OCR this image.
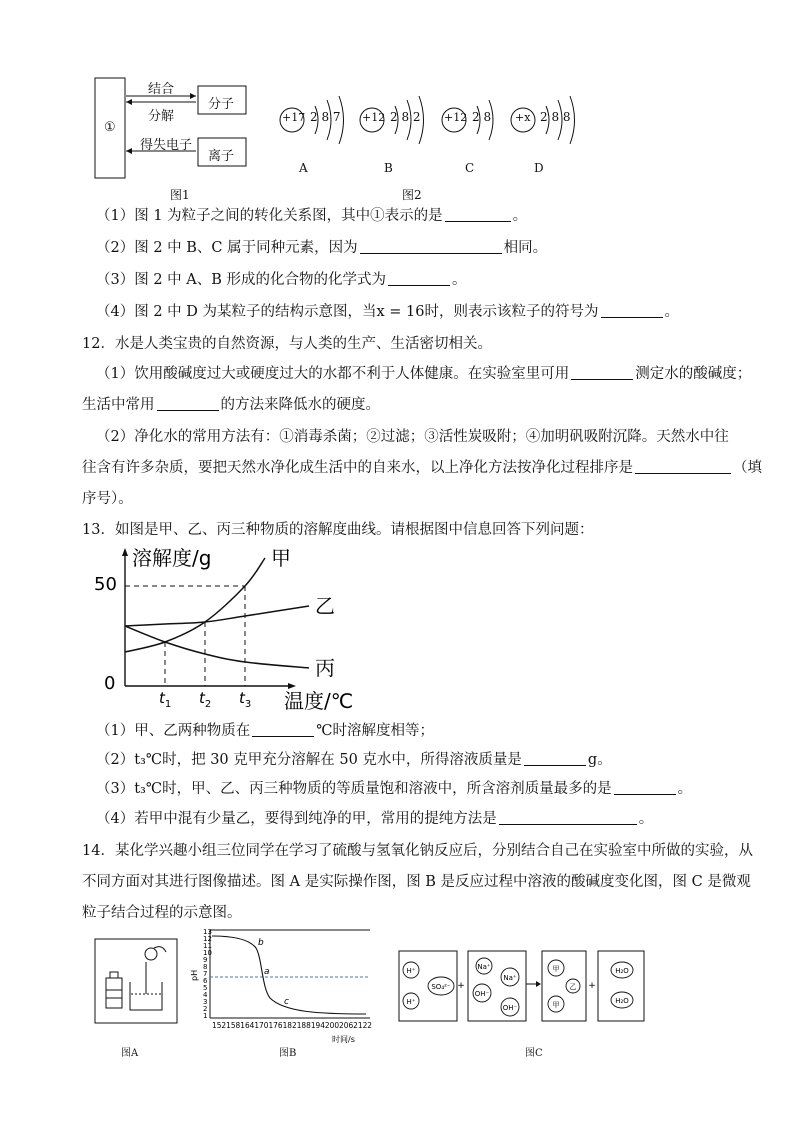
①
结合
分解
分子
得失电子
离子
图1
+17 2 8 7 +12 2 8 2 +12 2 8 +x 2 8 8
A	B	C	D
图2
（1）图 1 为粒子之间的转化关系图，其中①表示的是	。
（2）图 2 中 B、C 属于同种元素，因为	相同。
（3）图 2 中 A、B 形成的化合物的化学式为	。
（4）图 2 中 D 为某粒子的结构示意图，当x = 16时，则表示该粒子的符号为	。
12．水是人类宝贵的自然资源，与人类的生产、生活密切相关。
（1）饮用酸碱度过大或硬度过大的水都不利于人体健康。在实验室里可用	测定水的酸碱度；
生活中常用	的方法来降低水的硬度。
（2）净化水的常用方法有：①消毒杀菌；②过滤；③活性炭吸附；④加明矾吸附沉降。天然水中往
往含有许多杂质，要把天然水净化成生活中的自来水，以上净化方法按净化过程排序是	（填
序号）。
13．如图是甲、乙、丙三种物质的溶解度曲线。请根据图中信息回答下列问题：
溶解度/g
温度/℃
0
50
甲
乙
丙
$t_1$ $t_2$ $t_3$
（1）甲、乙两种物质在	℃时溶解度相等；
（2）t₃℃时，把 30 克甲充分溶解在 50 克水中，所得溶液质量是	g。
（3）t₃℃时，甲、乙、丙三种物质的等质量饱和溶液中，所含溶剂质量最多的是	。
（4）若甲中混有少量乙，要得到纯净的甲，常用的提纯方法是	。
14．某化学兴趣小组三位同学在学习了硫酸与氢氧化钠反应后，分别结合自己在实验室中所做的实验，从
不同方面对其进行图像描述。图 A 是实际操作图，图 B 是反应过程中溶液的酸碱度变化图，图 C 是微观
粒子结合过程的示意图。
图A
13
12
11
10
9
8
7
6
5
4
3
2
1
pH
1521581641701761821881942002062122
时间/s
b
a
c
图B
H⁺
SO₄²⁻
H⁺
Na⁺
Na⁺
OH⁻
OH⁻
甲
乙
甲
H₂O
H₂O
+	+
图C
